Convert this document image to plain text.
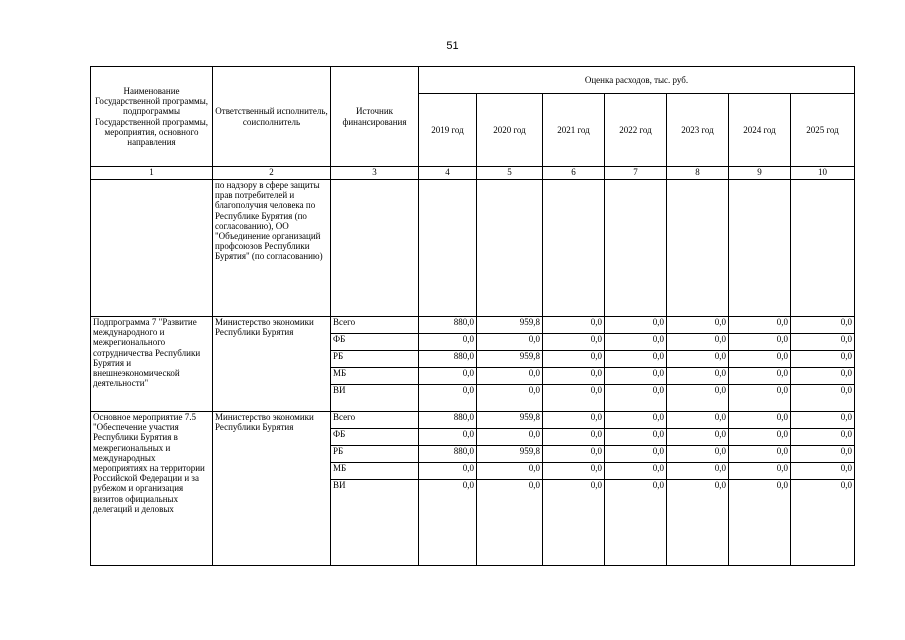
51
Наименование Государственной программы, подпрограммы Государственной программы, мероприятия, основного направления	Ответственный исполнитель, соисполнитель	Источник финансирования	Оценка расходов, тыс. руб.						
			2019 год	2020 год	2021 год	2022 год	2023 год	2024 год	2025 год
1	2	3	4	5	6	7	8	9	10
	по надзору в сфере защиты прав потребителей и благополучия человека по Республике Бурятия (по согласованию), ОО "Объединение организаций профсоюзов Республики Бурятия" (по согласованию)								
Подпрограмма 7 "Развитие международного и межрегионального сотрудничества Республики Бурятия и внешнеэкономической деятельности"	Министерство экономики Республики Бурятия	Всего	880,0	959,8	0,0	0,0	0,0	0,0	0,0
		ФБ	0,0	0,0	0,0	0,0	0,0	0,0	0,0
		РБ	880,0	959,8	0,0	0,0	0,0	0,0	0,0
		МБ	0,0	0,0	0,0	0,0	0,0	0,0	0,0
		ВИ	0,0	0,0	0,0	0,0	0,0	0,0	0,0
Основное мероприятие 7.5 "Обеспечение участия Республики Бурятия в межрегиональных и международных мероприятиях на территории Российской Федерации и за рубежом и организация визитов официальных делегаций и деловых	Министерство экономики Республики Бурятия	Всего	880,0	959,8	0,0	0,0	0,0	0,0	0,0
		ФБ	0,0	0,0	0,0	0,0	0,0	0,0	0,0
		РБ	880,0	959,8	0,0	0,0	0,0	0,0	0,0
		МБ	0,0	0,0	0,0	0,0	0,0	0,0	0,0
		ВИ	0,0	0,0	0,0	0,0	0,0	0,0	0,0
